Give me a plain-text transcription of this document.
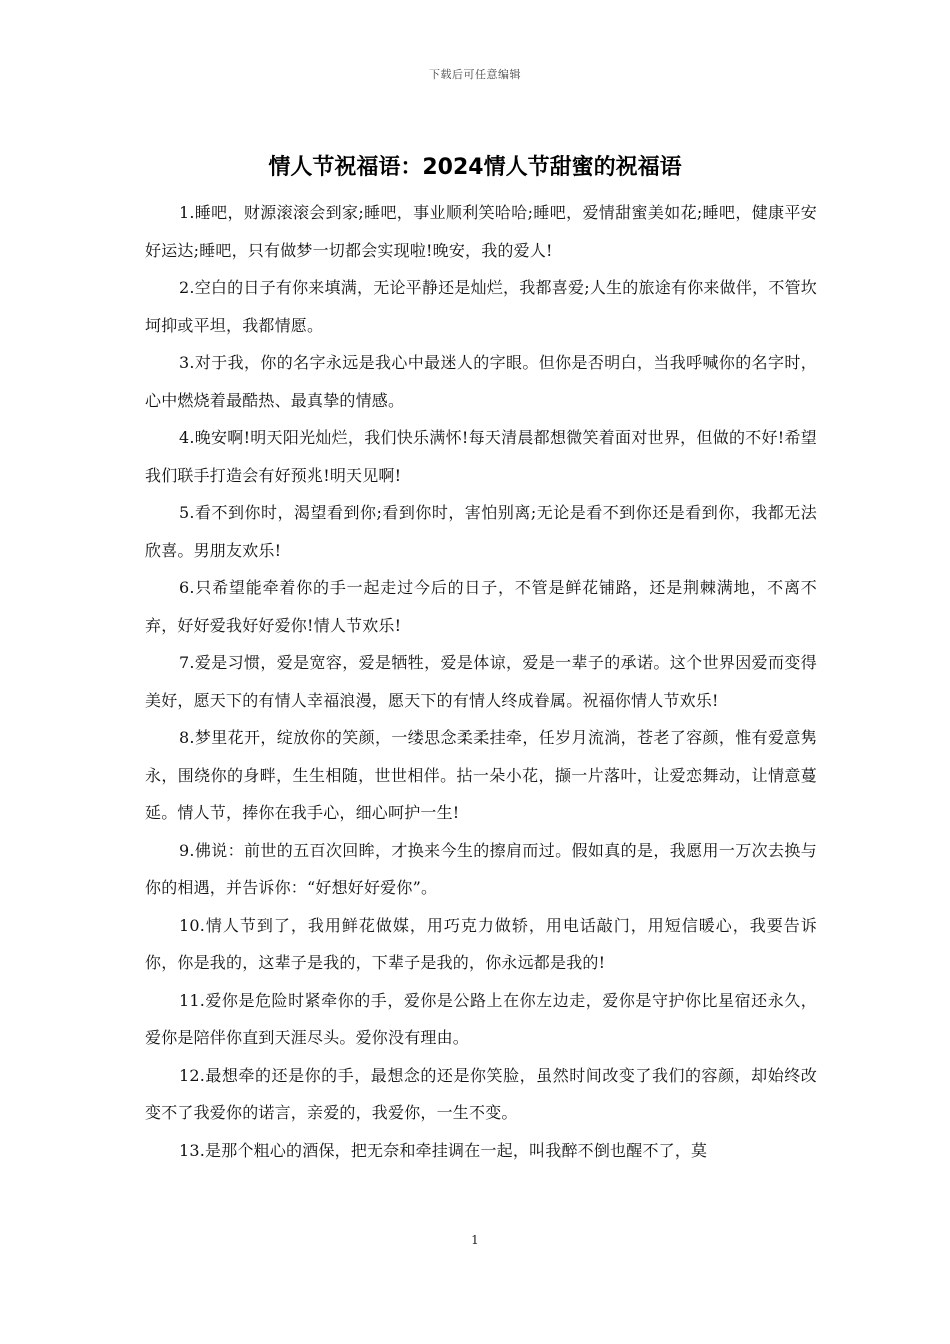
下载后可任意编辑
情人节祝福语：2024情人节甜蜜的祝福语

1.睡吧，财源滚滚会到家;睡吧，事业顺利笑哈哈;睡吧，爱情甜蜜美如花;睡吧，健康平安好运达;睡吧，只有做梦一切都会实现啦!晚安，我的爱人!

2.空白的日子有你来填满，无论平静还是灿烂，我都喜爱;人生的旅途有你来做伴，不管坎坷抑或平坦，我都情愿。

3.对于我，你的名字永远是我心中最迷人的字眼。但你是否明白，当我呼喊你的名字时，心中燃烧着最酷热、最真挚的情感。

4.晚安啊!明天阳光灿烂，我们快乐满怀!每天清晨都想微笑着面对世界，但做的不好!希望我们联手打造会有好预兆!明天见啊!

5.看不到你时，渴望看到你;看到你时，害怕别离;无论是看不到你还是看到你，我都无法欣喜。男朋友欢乐!

6.只希望能牵着你的手一起走过今后的日子，不管是鲜花铺路，还是荆棘满地，不离不弃，好好爱我好好爱你!情人节欢乐!

7.爱是习惯，爱是宽容，爱是牺牲，爱是体谅，爱是一辈子的承诺。这个世界因爱而变得美好，愿天下的有情人幸福浪漫，愿天下的有情人终成眷属。祝福你情人节欢乐!

8.梦里花开，绽放你的笑颜，一缕思念柔柔挂牵，任岁月流淌，苍老了容颜，惟有爱意隽永，围绕你的身畔，生生相随，世世相伴。拈一朵小花，撷一片落叶，让爱恋舞动，让情意蔓延。情人节，捧你在我手心，细心呵护一生!

9.佛说：前世的五百次回眸，才换来今生的擦肩而过。假如真的是，我愿用一万次去换与你的相遇，并告诉你：“好想好好爱你”。

10.情人节到了，我用鲜花做媒，用巧克力做轿，用电话敲门，用短信暖心，我要告诉你，你是我的，这辈子是我的，下辈子是我的，你永远都是我的!

11.爱你是危险时紧牵你的手，爱你是公路上在你左边走，爱你是守护你比星宿还永久，爱你是陪伴你直到天涯尽头。爱你没有理由。

12.最想牵的还是你的手，最想念的还是你笑脸，虽然时间改变了我们的容颜，却始终改变不了我爱你的诺言，亲爱的，我爱你，一生不变。

13.是那个粗心的酒保，把无奈和牵挂调在一起，叫我醉不倒也醒不了，莫

1
